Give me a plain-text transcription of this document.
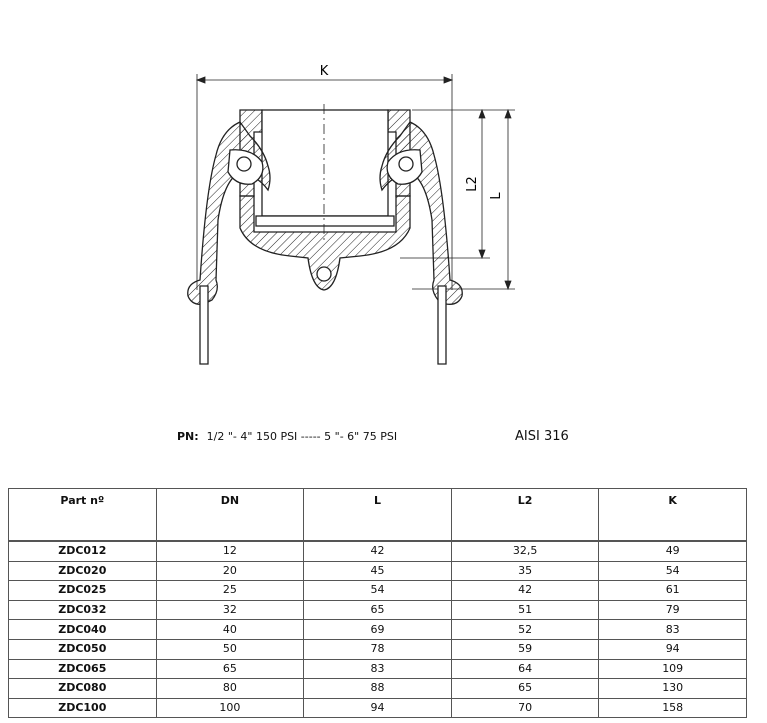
K
L2
L
PN: 1/2 "- 4" 150 PSI ----- 5 "- 6" 75 PSI	AISI 316
Part nº	DN	L	L2	K
ZDC012	12	42	32,5	49
ZDC020	20	45	35	54
ZDC025	25	54	42	61
ZDC032	32	65	51	79
ZDC040	40	69	52	83
ZDC050	50	78	59	94
ZDC065	65	83	64	109
ZDC080	80	88	65	130
ZDC100	100	94	70	158
